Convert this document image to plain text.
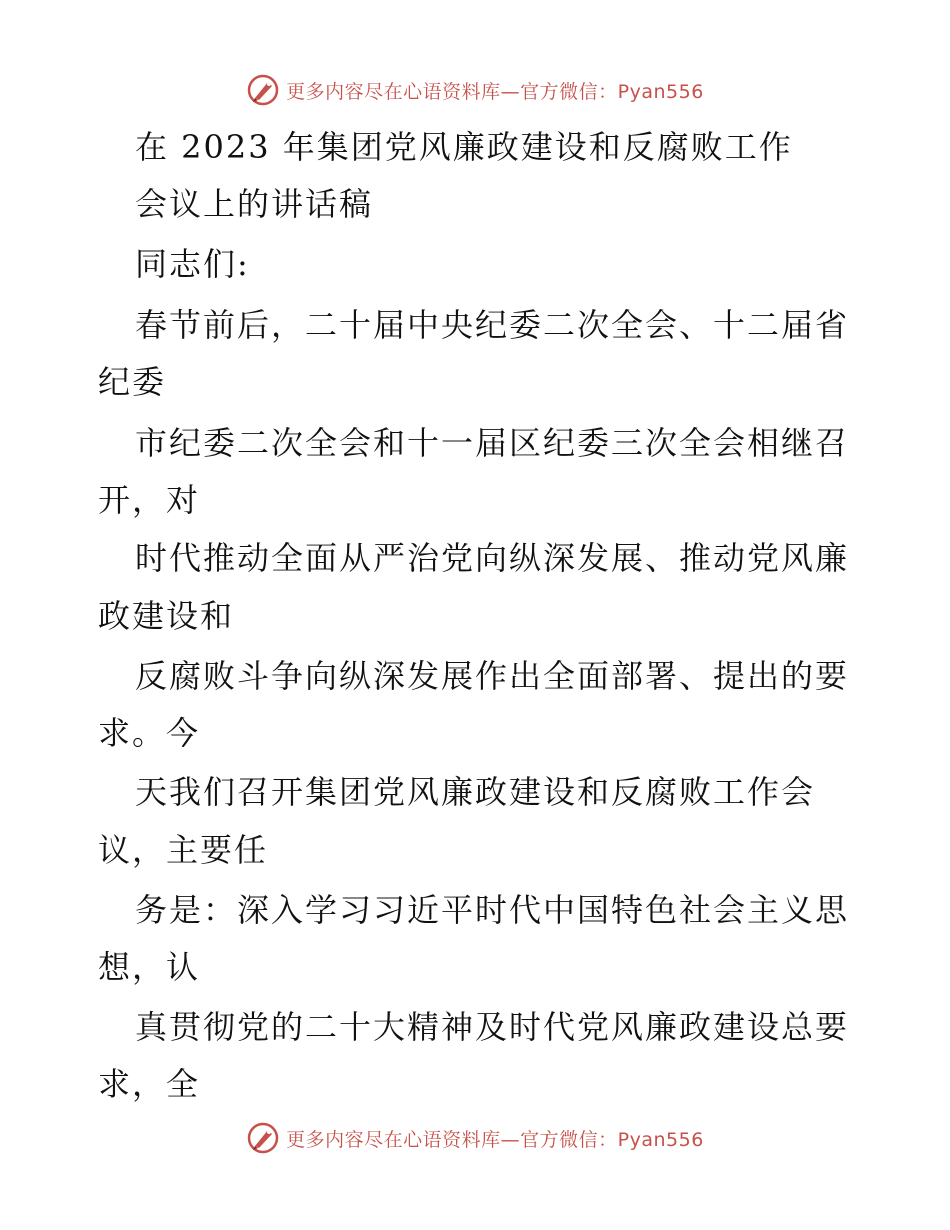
更多内容尽在心语资料库—官方微信：Pyan556
在 2023 年集团党风廉政建设和反腐败工作
会议上的讲话稿
同志们:
春节前后，二十届中央纪委二次全会、十二届省
纪委
市纪委二次全会和十一届区纪委三次全会相继召
开，对
时代推动全面从严治党向纵深发展、推动党风廉
政建设和
反腐败斗争向纵深发展作出全面部署、提出的要
求。今
天我们召开集团党风廉政建设和反腐败工作会
议，主要任
务是：深入学习习近平时代中国特色社会主义思
想，认
真贯彻党的二十大精神及时代党风廉政建设总要
求，全
更多内容尽在心语资料库—官方微信：Pyan556
